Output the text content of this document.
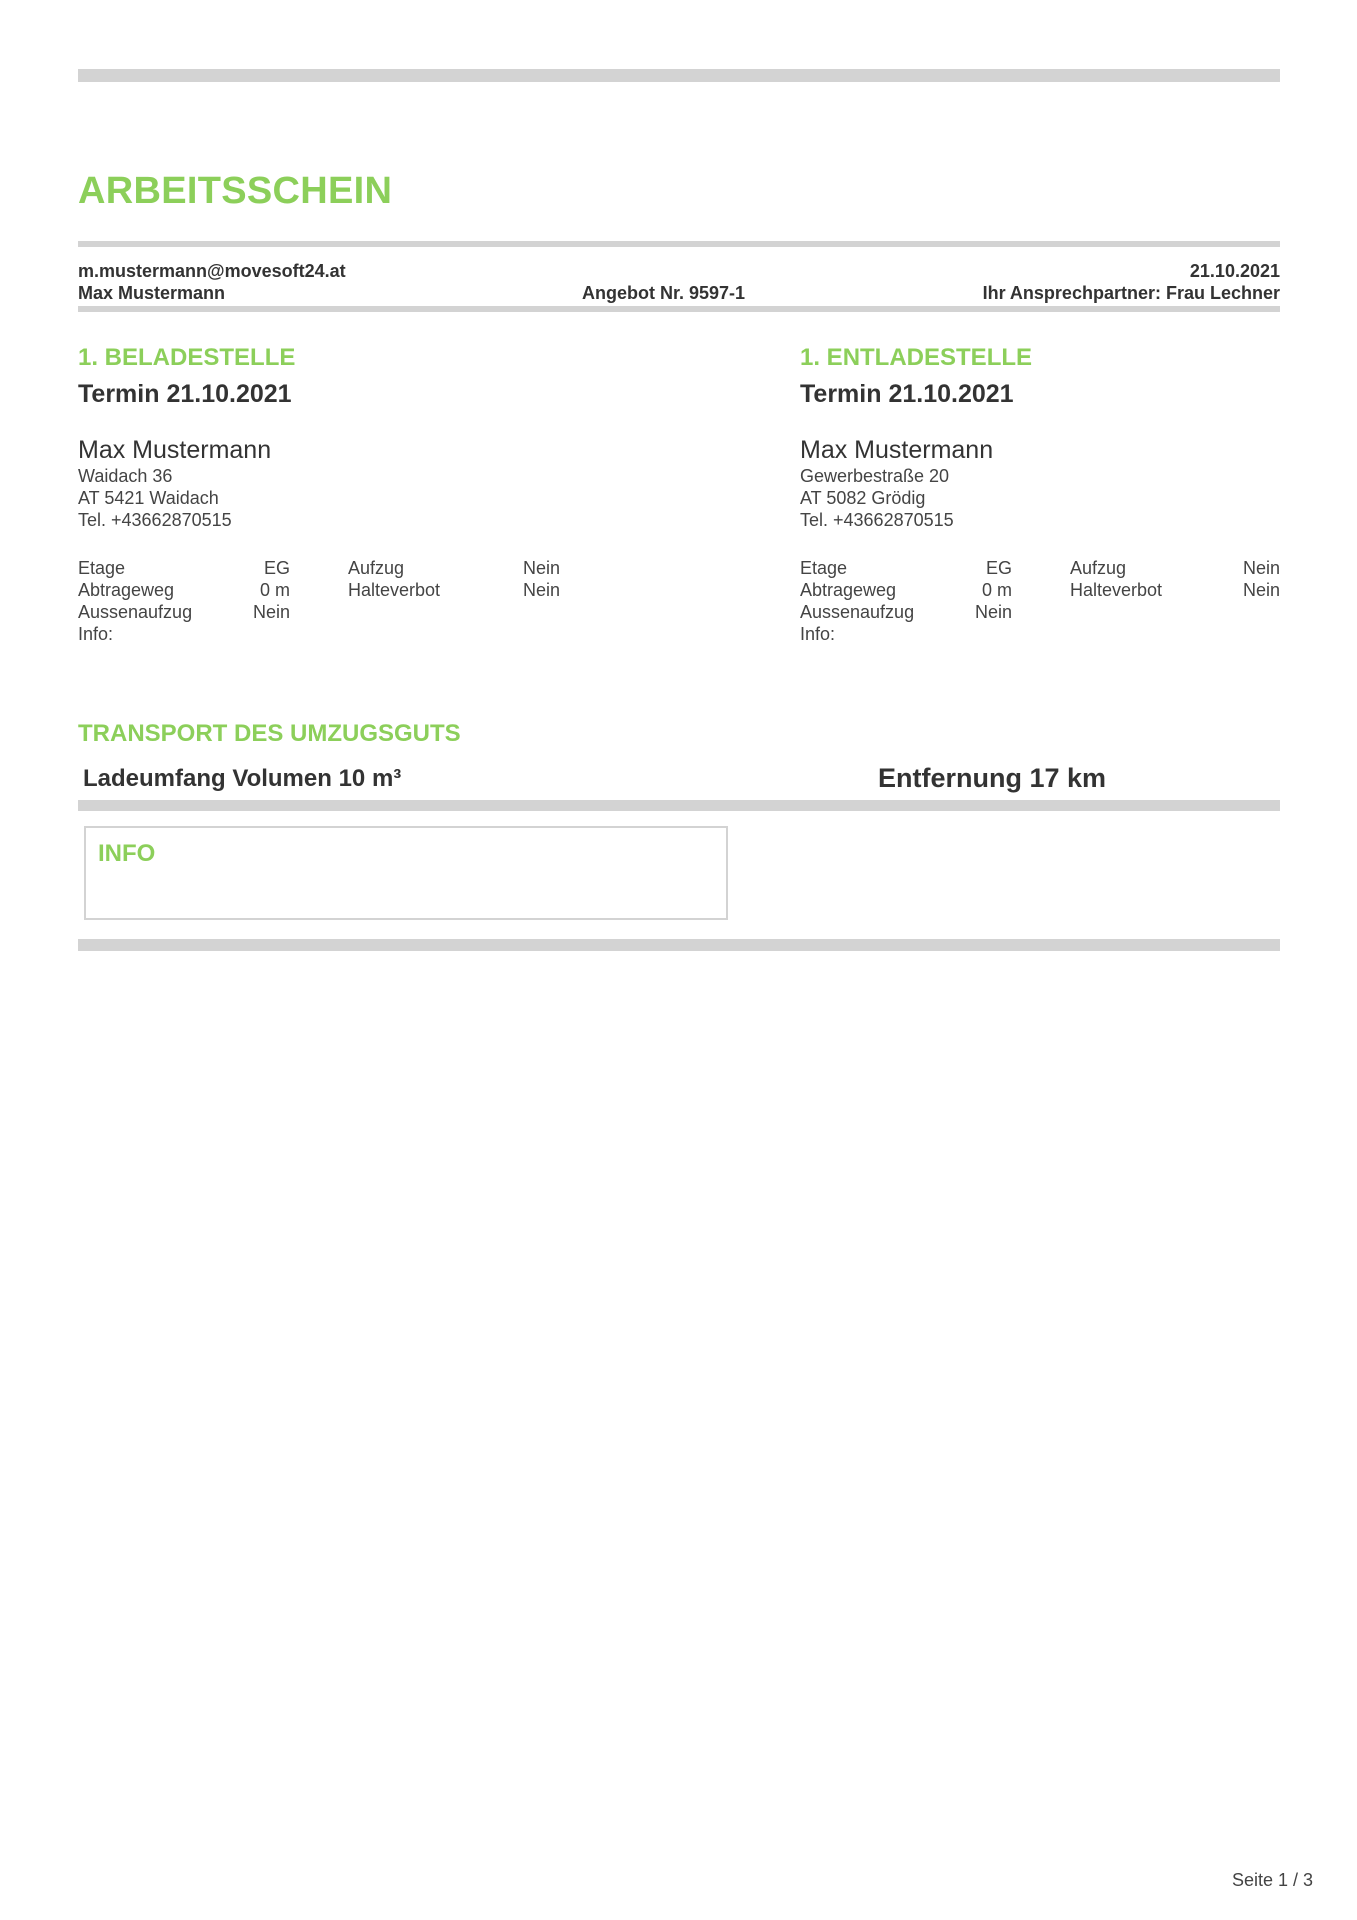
ARBEITSSCHEIN
m.mustermann@movesoft24.at
Max Mustermann	Angebot Nr. 9597-1
21.10.2021
Ihr Ansprechpartner: Frau Lechner
1. BELADESTELLE
Termin 21.10.2021
Max Mustermann
Waidach 36
AT 5421 Waidach
Tel. +43662870515
Etage	EG
Abtrageweg	0 m
Aussenaufzug	Nein
Info:
Aufzug	Nein
Halteverbot	Nein
1. ENTLADESTELLE
Termin 21.10.2021
Max Mustermann
Gewerbestraße 20
AT 5082 Grödig
Tel. +43662870515
Etage	EG
Abtrageweg	0 m
Aussenaufzug	Nein
Info:
Aufzug	Nein
Halteverbot	Nein
TRANSPORT DES UMZUGSGUTS
Ladeumfang Volumen 10 m³	Entfernung 17 km
INFO
Seite 1 / 3
